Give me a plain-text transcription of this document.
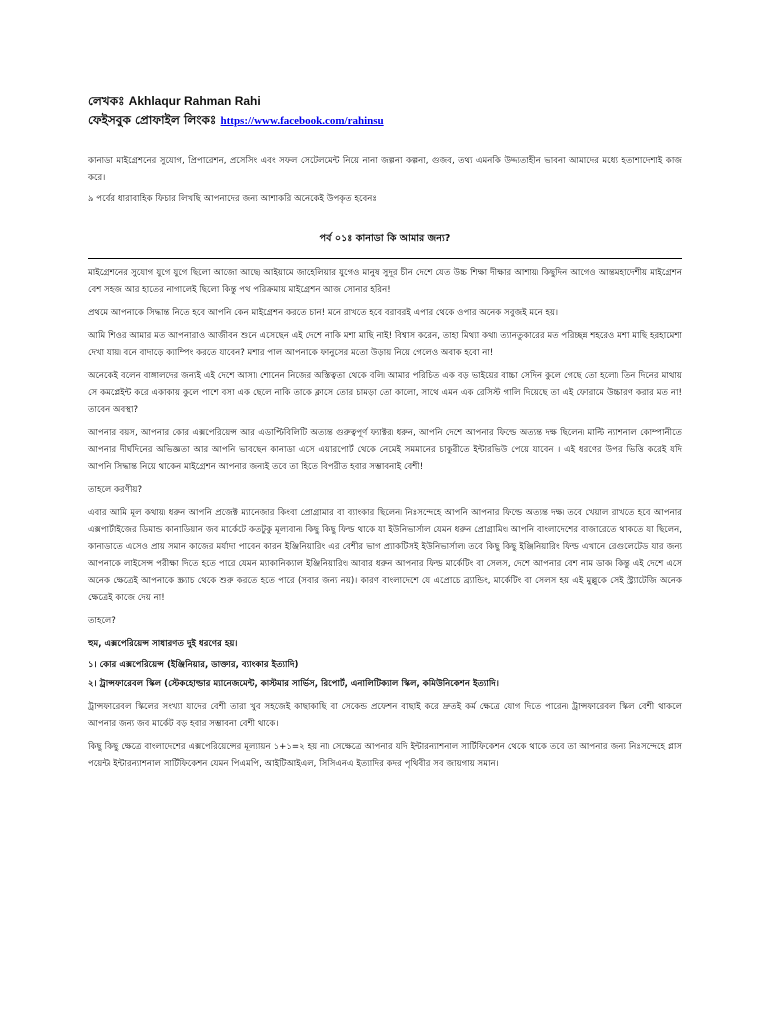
লেখকঃ Akhlaqur Rahman Rahi
ফেইসবুক প্রোফাইল লিংকঃ https://www.facebook.com/rahinsu

কানাডা মাইগ্রেশনের সুযোগ, প্রিপারেশন, প্রসেসিং এবং সফল সেটেলমেন্ট নিয়ে নানা জল্পনা কল্পনা, গুজব, তথ্য এমনকি উদ্দ্যতাহীন ভাবনা আমাদের মধ্যে হতাশাদেশাই কাজ করে।

৯ পর্বের ধারাবাহিক ফিচার লিখছি আপনাদের জন্য আশাকরি অনেকেই উপকৃত হবেনঃ

পর্ব ০১ঃ কানাডা কি আমার জন্য?

মাইগ্রেশনের সুযোগ যুগে যুগে ছিলো আজো আছে৷ আইয়ামে জাহেলিয়ার যুগেও মানুষ সুদূর চীন দেশে যেত উচ্চ শিক্ষা দীক্ষার আশায়৷ কিছুদিন আগেও আন্তমহাদেশীয় মাইগ্রেশন বেশ সহজ আর হাতের নাগালেই ছিলো কিন্তু পথ পরিক্রমায় মাইগ্রেশন আজ সোনার হরিন!

প্রথমে আপনাকে সিদ্ধান্ত নিতে হবে আপনি কেন মাইগ্রেশন করতে চান! মনে রাখতে হবে বরাবরই এপার থেকে ওপার অনেক সবুজই মনে হয়।

আমি শিওর আমার মত আপনারাও আজীবন শুনে এসেছেন এই দেশে নাকি মশা মাছি নাই! বিশ্বাস করেন, তাহা মিথ্যা কথা৷ ত্যানতুকারের মত পরিচ্ছন্ন শহরেও মশা মাছি হরহামেশা দেখা যায়৷ বনে বাদাড়ে ক্যাম্পিং করতে যাবেন? মশার পাল আপনাকে ফানুসের মতো উড়ায় নিয়ে গেলেও অবাক হবো না!

অনেকেই বলেন বাঙ্গালদের জন্যই এই দেশে আসা৷ শোনেন নিজের অস্তিত্বতা থেকে বলি৷ আমার পরিচিত এক বড় ভাইয়ের বাচ্চা সেদিন কুলে গেছে তো হলো৷ তিন দিনের মাথায় সে কমপ্লেইন্ট করে একাকায় কুলে পাশে বসা এক ছেলে নাকি তাকে ক্লাসে তোর চামড়া তো কালো, সাথে এমন এক রেসিস্ট গালি দিয়েছে তা এই ফোরামে উচ্চারণ করার মত না! তাবেন অবস্থা?

আপনার বয়স, আপনার কোর এক্সপেরিয়েন্স আর এডাপ্টিবিলিটি অত্যন্ত গুরুত্বপূর্ণ ফ্যাক্টর৷ ধরুন, আপনি দেশে আপনার ফিল্ডে অত্যন্ত দক্ষ ছিলেন৷ মাল্টি ন্যাশনাল কোম্পানীতে আপনার দীর্ঘদিনের অভিজ্ঞতা আর আপনি ভাবছেন কানাডা এসে এয়ারপোর্ট থেকে নেমেই সমমানের চাকুরীতে ইন্টারভিউ পেয়ে যাবেন । এই ধরণের উপর ভিত্তি করেই যদি আপনি সিদ্ধান্ত নিয়ে থাকেন মাইগ্রেশন আপনার জন্যই তবে তা হিতে বিপরীত হবার সম্ভাবনাই বেশী!

তাহলে করণীয়?

এবার আমি মূল কথায়৷ ধরুন আপনি প্রজেক্ট ম্যানেজার কিংবা প্রোগ্রামার বা ব্যাংকার ছিলেন৷ নিঃসন্দেহে আপনি আপনার ফিল্ডে অত্যন্ত দক্ষ৷ তবে খেয়াল রাখতে হবে আপনার এক্সপার্টাইজের ডিমান্ড কানাডিয়ান জব মার্কেটে কতটুকু মূল্যবান৷ কিছু কিছু ফিল্ড থাকে যা ইউনিভার্সাল যেমন ধরুন প্রোগ্রামিং৷ আপনি বাংলাদেশের বাজারেতে থাকতে যা ছিলেন, কানাডাতে এসেও প্রায় সমান কাজের মর্যাদা পাবেন কারন ইঞ্জিনিয়ারিং এর বেশীর ভাগ প্র্যাকটিসই ইউনিভার্সাল৷ তবে কিছু কিছু ইঞ্জিনিয়ারিং ফিল্ড এখানে রেগুলেটেড যার জন্য আপনাকে লাইসেন্স পরীক্ষা দিতে হতে পারে যেমন ম্যাকানিক্যাল ইঞ্জিনিয়ারিং৷ আবার ধরুন আপনার ফিল্ড মার্কেটিং বা সেলস, দেশে আপনার বেশ নাম ডাক৷ কিন্তু এই দেশে এসে অনেক ক্ষেত্রেই আপনাকে স্ক্র্যাচ থেকে শুরু করতে হতে পারে (সবার জন্য নয়)। কারণ বাংলাদেশে যে এপ্রোচে ব্র্যান্ডিং, মার্কেটিং বা সেলস হয় এই মুল্লুকে সেই স্ট্র্যাটেজি অনেক ক্ষেত্রেই কাজে দেয় না!

তাহলে?

হুম, এক্সপেরিয়েন্স সাধারণত দুই ধরণের হয়।

১। কোর এক্সপেরিয়েন্স (ইঞ্জিনিয়ার, ডাক্তার, ব্যাংকার ইত্যাদি)

২। ট্রান্সফারেবল স্কিল (স্টেকহোল্ডার ম্যানেজমেন্ট, কাস্টমার সার্ভিস, রিপোর্ট, এনালিটিক্যাল স্কিল, কমিউনিকেশন ইত্যাদি।

ট্রান্সফারেবল স্কিলের সংখ্যা যাদের বেশী তারা খুব সহজেই কাছাকাছি বা সেকেন্ড প্রফেশন বাছাই করে দ্রুতই কর্ম ক্ষেত্রে যোগ দিতে পারেন৷ ট্রান্সফারেবল স্কিল বেশী থাকলে আপনার জন্য জব মার্কেট বড় হবার সম্ভাবনা বেশী থাকে।

কিছু কিছু ক্ষেত্রে বাংলাদেশের এক্সপেরিয়েন্সের মূল্যায়ন ১+১=২ হয় না৷ সেক্ষেত্রে আপনার যদি ইন্টারন্যাশনাল সার্টিফিকেশন থেকে থাকে তবে তা আপনার জন্য নিঃসন্দেহে প্লাস পয়েন্ট৷ ইন্টারন্যাশনাল সার্টিফিকেশন যেমন পিএমপি, আইটিআইএল, সিসিএনএ ইত্যাদির কদর পৃথিবীর সব জায়গায় সমান।
